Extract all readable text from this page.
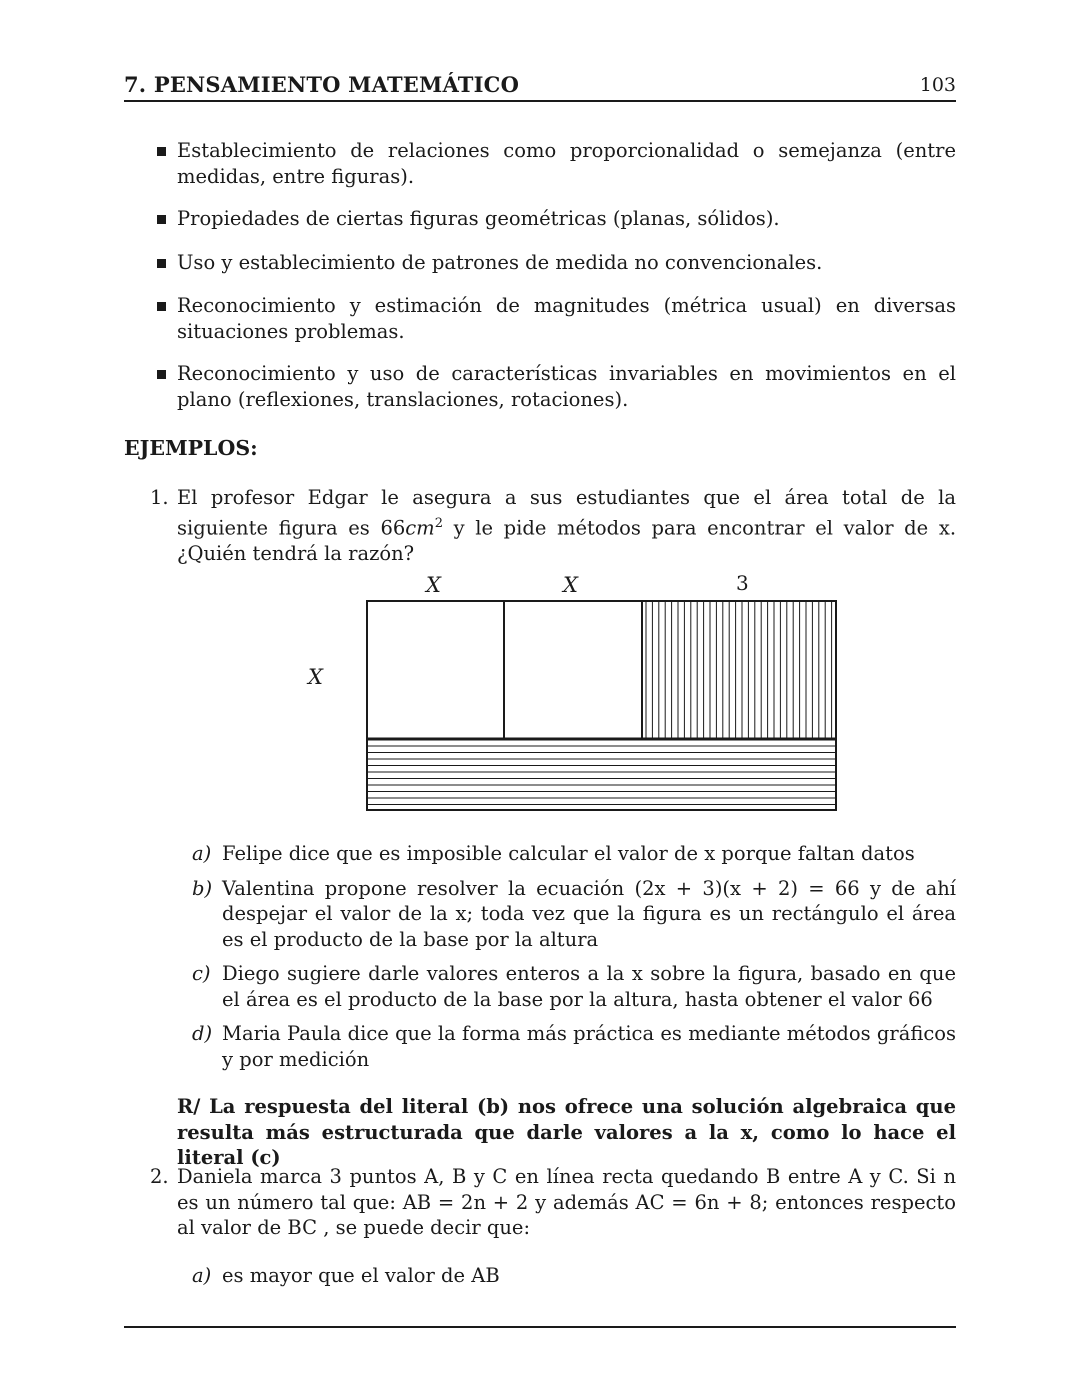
7. PENSAMIENTO MATEMÁTICO	103
Establecimiento de relaciones como proporcionalidad o semejanza (entre medidas, entre figuras).
Propiedades de ciertas figuras geométricas (planas, sólidos).
Uso y establecimiento de patrones de medida no convencionales.
Reconocimiento y estimación de magnitudes (métrica usual) en diversas situaciones problemas.
Reconocimiento y uso de características invariables en movimientos en el plano (reflexiones, translaciones, rotaciones).
EJEMPLOS:
1. El profesor Edgar le asegura a sus estudiantes que el área total de la siguiente figura es $66cm^2$ y le pide métodos para encontrar el valor de x. ¿Quién tendrá la razón?
X	X	3
X
a) Felipe dice que es imposible calcular el valor de x porque faltan datos
b) Valentina propone resolver la ecuación (2x + 3)(x + 2) = 66 y de ahí despejar el valor de la x; toda vez que la figura es un rectángulo el área es el producto de la base por la altura
c) Diego sugiere darle valores enteros a la x sobre la figura, basado en que el área es el producto de la base por la altura, hasta obtener el valor 66
d) Maria Paula dice que la forma más práctica es mediante métodos gráficos y por medición
R/ La respuesta del literal (b) nos ofrece una solución algebraica que resulta más estructurada que darle valores a la x, como lo hace el literal (c)
2. Daniela marca 3 puntos A, B y C en línea recta quedando B entre A y C. Si n es un número tal que: AB = 2n + 2 y además AC = 6n + 8; entonces respecto al valor de BC , se puede decir que:
a) es mayor que el valor de AB
